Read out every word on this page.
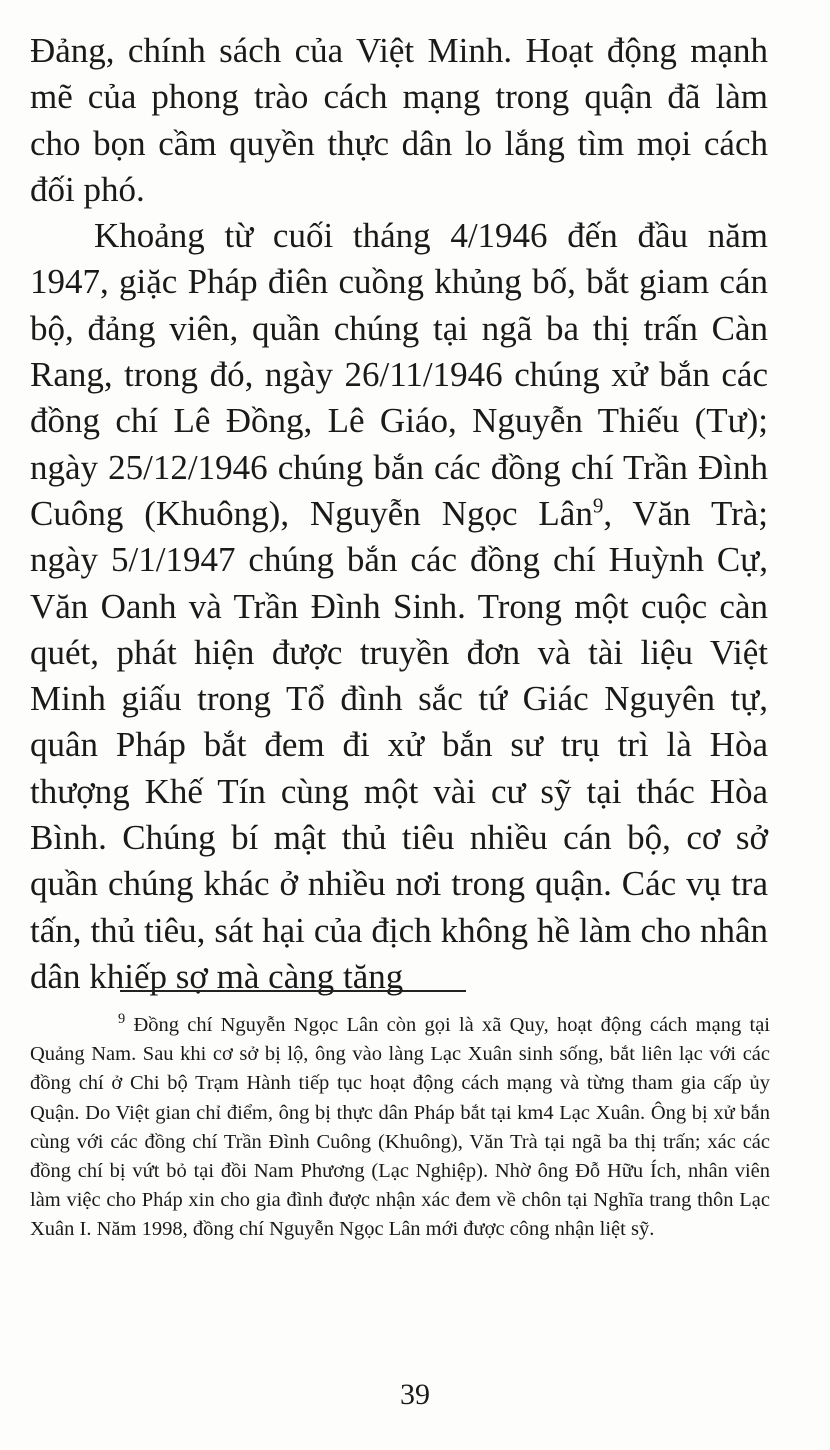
Đảng, chính sách của Việt Minh. Hoạt động mạnh mẽ của phong trào cách mạng trong quận đã làm cho bọn cầm quyền thực dân lo lắng tìm mọi cách đối phó.

Khoảng từ cuối tháng 4/1946 đến đầu năm 1947, giặc Pháp điên cuồng khủng bố, bắt giam cán bộ, đảng viên, quần chúng tại ngã ba thị trấn Càn Rang, trong đó, ngày 26/11/1946 chúng xử bắn các đồng chí Lê Đồng, Lê Giáo, Nguyễn Thiếu (Tư); ngày 25/12/1946 chúng bắn các đồng chí Trần Đình Cuông (Khuông), Nguyễn Ngọc Lân$^9$, Văn Trà; ngày 5/1/1947 chúng bắn các đồng chí Huỳnh Cự, Văn Oanh và Trần Đình Sinh. Trong một cuộc càn quét, phát hiện được truyền đơn và tài liệu Việt Minh giấu trong Tổ đình sắc tứ Giác Nguyên tự, quân Pháp bắt đem đi xử bắn sư trụ trì là Hòa thượng Khế Tín cùng một vài cư sỹ tại thác Hòa Bình. Chúng bí mật thủ tiêu nhiều cán bộ, cơ sở quần chúng khác ở nhiều nơi trong quận. Các vụ tra tấn, thủ tiêu, sát hại của địch không hề làm cho nhân dân khiếp sợ mà càng tăng

$^9$ Đồng chí Nguyễn Ngọc Lân còn gọi là xã Quy, hoạt động cách mạng tại Quảng Nam. Sau khi cơ sở bị lộ, ông vào làng Lạc Xuân sinh sống, bắt liên lạc với các đồng chí ở Chi bộ Trạm Hành tiếp tục hoạt động cách mạng và từng tham gia cấp ủy Quận. Do Việt gian chỉ điểm, ông bị thực dân Pháp bắt tại km4 Lạc Xuân. Ông bị xử bắn cùng với các đồng chí Trần Đình Cuông (Khuông), Văn Trà tại ngã ba thị trấn; xác các đồng chí bị vứt bỏ tại đồi Nam Phương (Lạc Nghiệp). Nhờ ông Đỗ Hữu Ích, nhân viên làm việc cho Pháp xin cho gia đình được nhận xác đem về chôn tại Nghĩa trang thôn Lạc Xuân I. Năm 1998, đồng chí Nguyễn Ngọc Lân mới được công nhận liệt sỹ.

39
